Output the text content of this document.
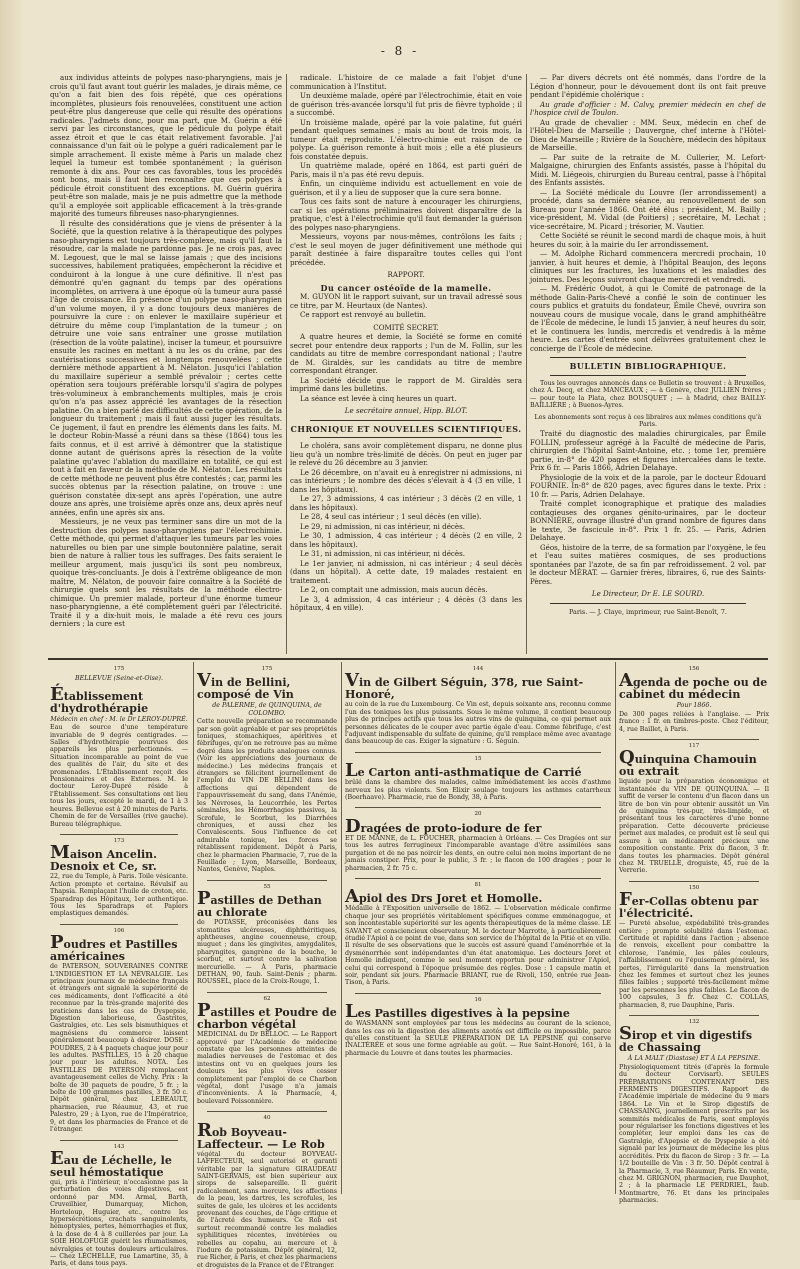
- 8 -

aux individus atteints de polypes naso-pharyngiens, mais je crois qu'il faut avant tout guérir les malades, je dirais même, ce qu'on a fait bien des fois répété, que ces opérations incomplètes, plusieurs fois renouvelées, constituent une action peut-être plus dangereuse que celle qui résulte des opérations radicales. J'admets donc, pour ma part, que M. Guérin a été servi par les circonstances, que le pédicule du polype était assez étroit et que le cas était relativement favorable. J'ai connaissance d'un fait où le polype a guéri radicalement par le simple arrachement. Il existe même à Paris un malade chez lequel la tumeur est tombée spontanément ; la guérison remonte à dix ans. Pour ces cas favorables, tous les procédés sont bons, mais il faut bien reconnaître que ces polypes à pédicule étroit constituent des exceptions. M. Guérin guérira peut-être son malade, mais je ne puis admettre que la méthode qu'il a employée soit applicable efficacement à la très-grande majorité des tumeurs fibreuses naso-pharyngiennes.

Il résulte des considérations que je viens de présenter à la Société, que la question relative à la thérapeutique des polypes naso-pharyngiens est toujours très-complexe, mais qu'il faut la résoudre, car la malade ne pardonne pas. Je ne crois pas, avec M. Legouest, que le mal se laisse jamais ; que des incisions successives, habilement pratiquées, empêcheront la récidive et conduiront à la longue à une cure définitive. Il n'est pas démontré qu'en gagnant du temps par des opérations incomplètes, on arrivera à une époque où la tumeur aura passé l'âge de croissance. En présence d'un polype naso-pharyngien d'un volume moyen, il y a donc toujours deux manières de poursuivre la cure : on enlever le maxillaire supérieur et détruire du même coup l'implantation de la tumeur ; on détruire une voie sans entraîner une grosse mutilation (résection de la voûte palatine), inciser la tumeur, et poursuivre ensuite les racines en mettant à nu les os du crâne, par des cautérisations successives et longtemps renouvelées ; cette dernière méthode appartient à M. Nélaton. Jusqu'ici l'ablation du maxillaire supérieur a semblé prévaloir ; certes cette opération sera toujours préférable lorsqu'il s'agira de polypes très-volumineux à embranchements multiples, mais je crois qu'on n'a pas assez apprécié les avantages de la résection palatine. On a bien parlé des difficultés de cette opération, de la longueur du traitement ; mais il faut aussi juger les résultats. Ce jugement, il faut en prendre les éléments dans les faits. M. le docteur Robin-Massé a réuni dans sa thèse (1864) tous les faits connus, et il est arrivé à démontrer que la statistique donne autant de guérisons après la résection de la voûte palatine qu'avec l'ablation du maxillaire en totalité, ce qui est tout à fait en faveur de la méthode de M. Nélaton. Les résultats de cette méthode ne peuvent plus être contestés ; car, parmi les succès obtenus par la résection palatine, on trouve : une guérison constatée dix-sept ans après l'opération, une autre douze ans après, une troisième après onze ans, deux après neuf années, enfin une après six ans.

Messieurs, je ne veux pas terminer sans dire un mot de la destruction des polypes naso-pharyngiens par l'électrochimie. Cette méthode, qui permet d'attaquer les tumeurs par les voies naturelles ou bien par une simple boutonnière palatine, serait bien de nature à rallier tous les suffrages. Des faits seraient le meilleur argument, mais jusqu'ici ils sont peu nombreux, quoique très-concluants. Je dois à l'extrême obligeance de mon maître, M. Nélaton, de pouvoir faire connaître à la Société de chirurgie quels sont les résultats de la méthode électro-chimique. Un premier malade, porteur d'une énorme tumeur naso-pharyngienne, a été complètement guéri par l'électricité. Traité il y a dix-huit mois, le malade a été revu ces jours derniers ; la cure est

radicale. L'histoire de ce malade a fait l'objet d'une communication à l'Institut.

Un deuxième malade, opéré par l'électrochimie, était en voie de guérison très-avancée lorsqu'il fut pris de fièvre typhoïde ; il a succombé.

Un troisième malade, opéré par la voie palatine, fut guéri pendant quelques semaines ; mais au bout de trois mois, la tumeur était reproduite. L'électro-chimie eut raison de ce polype. La guérison remonte à huit mois ; elle a été plusieurs fois constatée depuis.

Un quatrième malade, opéré en 1864, est parti guéri de Paris, mais il n'a pas été revu depuis.

Enfin, un cinquième individu est actuellement en voie de guérison, et il y a lieu de supposer que la cure sera bonne.

Tous ces faits sont de nature à encourager les chirurgiens, car si les opérations préliminaires doivent disparaître de la pratique, c'est à l'électrochimie qu'il faut demander la guérison des polypes naso-pharyngiens.

Messieurs, voyons par nous-mêmes, contrôlons les faits ; c'est le seul moyen de juger définitivement une méthode qui paraît destinée à faire disparaître toutes celles qui l'ont précédée.

RAPPORT.

Du cancer ostéoïde de la mamelle.

M. GUYON lit le rapport suivant, sur un travail adressé sous ce titre, par M. Heurtaux (de Nantes).

Ce rapport est renvoyé au bulletin.

COMITÉ SECRET.

A quatre heures et demie, la Société se forme en comité secret pour entendre deux rapports ; l'un de M. Follin, sur les candidats au titre de membre correspondant national ; l'autre de M. Giraldès, sur les candidats au titre de membre correspondant étranger.

La Société décide que le rapport de M. Giraldès sera imprimé dans les bulletins.

La séance est levée à cinq heures un quart.

Le secrétaire annuel, Hipp. BLOT.

CHRONIQUE ET NOUVELLES SCIENTIFIQUES.

Le choléra, sans avoir complètement disparu, ne donne plus lieu qu'à un nombre très-limité de décès. On peut en juger par le relevé du 26 décembre au 3 janvier.

Le 26 décembre, on n'avait eu à enregistrer ni admissions, ni cas intérieurs ; le nombre des décès s'élevait à 4 (3 en ville, 1 dans les hôpitaux).

Le 27, 3 admissions, 4 cas intérieur ; 3 décès (2 en ville, 1 dans les hôpitaux).

Le 28, 4 seul cas intérieur ; 1 seul décès (en ville).

Le 29, ni admission, ni cas intérieur, ni décès.

Le 30, 1 admission, 4 cas intérieur ; 4 décès (2 en ville, 2 dans les hôpitaux).

Le 31, ni admission, ni cas intérieur, ni décès.

Le 1er janvier, ni admission, ni cas intérieur ; 4 seul décès (dans un hôpital). A cette date, 19 malades restaient en traitement.

Le 2, on comptait une admission, mais aucun décès.

Le 3, 4 admission, 4 cas intérieur ; 4 décès (3 dans les hôpitaux, 4 en ville).

— Par divers décrets ont été nommés, dans l'ordre de la Légion d'honneur, pour le dévouement dont ils ont fait preuve pendant l'épidémie cholérique :

Au grade d'officier : M. Calvy, premier médecin en chef de l'hospice civil de Toulon.

Au grade de chevalier : MM. Seux, médecin en chef de l'Hôtel-Dieu de Marseille ; Dauvergne, chef interne à l'Hôtel-Dieu de Marseille ; Rivière de la Souchère, médecin des hôpitaux de Marseille.

— Par suite de la retraite de M. Cullerier, M. Lefort-Malgaigne, chirurgien des Enfants assistés, passe à l'hôpital du Midi. M. Liégeois, chirurgien du Bureau central, passe à l'hôpital des Enfants assistés.

— La Société médicale du Louvre (Ier arrondissement) a procédé, dans sa dernière séance, au renouvellement de son Bureau pour l'année 1866. Ont été élus : président, M. Bailly ; vice-président, M. Vidal (de Poitiers) ; secrétaire, M. Lechat ; vice-secrétaire, M. Picard ; trésorier, M. Vautier.

Cette Société se réunit le second mardi de chaque mois, à huit heures du soir, à la mairie du Ier arrondissement.

— M. Adolphe Richard commencera mercredi prochain, 10 janvier, à huit heures et demie, à l'hôpital Beaujon, des leçons cliniques sur les fractures, les luxations et les maladies des jointures. Des leçons suivront chaque mercredi et vendredi.

— M. Frédéric Oudot, à qui le Comité de patronage de la méthode Galin-Paris-Chevé a confié le soin de continuer les cours publics et gratuits du fondateur, Émile Chevé, ouvrira son nouveau cours de musique vocale, dans le grand amphithéâtre de l'École de médecine, le lundi 15 janvier, à neuf heures du soir, et le continuera les lundis, mercredis et vendredis à la même heure. Les cartes d'entrée sont délivrées gratuitement chez le concierge de l'École de médecine.

BULLETIN BIBLIOGRAPHIQUE.

Tous les ouvrages annoncés dans ce Bulletin se trouvent : à Bruxelles, chez A. Decq, et chez MANCEAUX ; — à Genève, chez JULLIEN frères ; — pour toute la Plata, chez BOUSQUET ; — à Madrid, chez BAILLY-BAILLIÈRE ; à Buenos-Ayres.

Les abonnements sont reçus à ces libraires aux mêmes conditions qu'à Paris.

Traité du diagnostic des maladies chirurgicales, par Émile FOLLIN, professeur agrégé à la Faculté de médecine de Paris, chirurgien de l'hôpital Saint-Antoine, etc. ; tome 1er, première partie, in-8° de 420 pages et figures intercalées dans le texte. Prix 6 fr. — Paris 1866, Adrien Delahaye.

Physiologie de la voix et de la parole, par le docteur Édouard FOURNIE. In-8° de 820 pages, avec figures dans le texte. Prix : 10 fr. — Paris, Adrien Delahaye.

Traité complet iconographique et pratique des maladies contagieuses des organes génito-urinaires, par le docteur BONNIÈRE, ouvrage illustré d'un grand nombre de figures dans le texte, 3e fascicule in-8°. Prix 1 fr. 25. — Paris, Adrien Delahaye.

Géos, histoire de la terre, de sa formation par l'oxygène, le feu et l'eau suites matières cosmiques, de ses productions spontanées par l'azote, de sa fin par refroidissement. 2 vol. par le docteur MÉRAT. — Garnier frères, libraires, 6, rue des Saints-Pères.

Le Directeur, Dr E. LE SOURD.

Paris. — J. Claye, imprimeur, rue Saint-Benoît, 7.

175
BELLEVUE (Seine-et-Oise).
Établissement d'hydrothérapie
Médecin en chef : M. le Dr LEROY-DUPRÉ.
Eau de source d'une température invariable de 9 degrés centigrades. — Salles d'hydrothérapie pourvues des appareils les plus perfectionnés. — Situation incomparable au point de vue des qualités de l'air, du site et des promenades. L'Établissement reçoit des Pensionnaires et des Externes. M. le docteur Leroy-Dupré réside à l'Établissement. Ses consultations ont lieu tous les jours, excepté le mardi, de 1 à 3 heures. Bellevue est à 20 minutes de Paris. Chemin de fer de Versailles (rive gauche). Bureau télégraphique.
173
Maison Ancelin. Desnoix et Ce, sr.
22, rue du Temple, à Paris. Toile vésicante. Action prompte et certaine. Révulsif au Thapsia. Remplaçant l'huile de croton, etc. Sparadrap des Hôpitaux, 1er authentique. Tous les Sparadraps et Papiers emplastiques demandés.
106
Poudres et Pastilles américaines
de PATERSON, SOUVERAINES CONTRE L'INDIGESTION ET LA NÉVRALGIE. Les principaux journaux de médecine français et étrangers ont signalé la supériorité de ces médicaments, dont l'efficacité a été reconnue par la très-grande majorité des praticiens dans les cas de Dyspepsie, Digestion laborieuse, Gastrites, Gastralgies, etc. Les sels bismuthiques et magnésiens du commerce laissent généralement beaucoup à désirer. DOSE : POUDRES, 2 à 4 paquets chaque jour pour les adultes. PASTILLES, 15 à 20 chaque jour pour les adultes. NOTA. Les PASTILLES DE PATERSON remplacent avantageusement celles de Vichy. Prix : la boîte de 30 paquets de poudre, 5 fr. ; la boîte de 100 grammes pastilles, 3 fr. 50 c. Dépôt général, chez LEBEAULT, pharmacien, rue Réaumur, 43, et rue Palestro, 29 ; à Lyon, rue de l'Impératrice, 9, et dans les pharmacies de France et de l'étranger.
143
Eau de Léchelle, le seul hémostatique
qui, pris à l'intérieur, n'occasionne pas la perturbation des voies digestives, est ordonné par MM. Armal, Barth, Cruveilhier, Dumarquay, Michon, Horteloup, Huguier, etc., contre les hypersécrétions, crachats sanguinolents, hémoptysies, pertes, hémorrhagies et flux, à la dose de 4 à 8 cuillerées par jour. La SOIE HOLOFUGE guérit les rhumatismes, névralgies et toutes douleurs articulaires. — Chez LÉCHELLE, rue Lamartine, 35, à Paris, et dans tous pays.
175
Vin de Bellini, composé de Vin
de PALERME, de QUINQUINA, de COLOMBO.
Cette nouvelle préparation se recommande par son goût agréable et par ses propriétés toniques, stomachiques, apéritives et fébrifuges, qu'on ne retrouve pas au même degré dans les produits analogues connus. (Voir les appréciations des journaux de médecine.) Les médecins français et étrangers se félicitent journellement de l'emploi du VIN DE BELLINI dans les affections qui dépendent de l'appauvrissement du sang, dans l'Anémie, les Névroses, la Leucorrhée, les Pertes séminales, les Hémorrhagies passives, la Scrofule, le Scorbut, les Diarrhées chroniques, et aussi chez les Convalescents. Sous l'influence de cet admirable tonique, les forces se rétablissent rapidement. Dépôt à Paris, chez le pharmacien Pharmacie, 7, rue de la Feuillade ; Lyon, Marseille, Bordeaux, Nantes, Genève, Naples.
55
Pastilles de Dethan au chlorate
de POTASSE, préconisées dans les stomatites ulcéreuses, diphthéritiques, aphtheuses, angine couenneuse, croup, muguet ; dans les gingivites, amygdalites, pharyngites, gangrène de la bouche, le scorbut, et surtout contre la salivation mercurielle. — À Paris, pharmacie DETHAN, 90, faub. Saint-Denis ; pharm. ROUSSEL, place de la Croix-Rouge, 1.
62
Pastilles et Poudre de charbon végétal
MÉDICINAL du Dr BELLOC. — Le Rapport approuvé par l'Académie de médecine constate que les personnes atteintes de maladies nerveuses de l'estomac et des intestins ont vu en quelques jours les douleurs les plus vives cesser complètement par l'emploi de ce Charbon végétal, dont l'usage n'a jamais d'inconvénients. À la Pharmacie, 4, boulevard Poissonnière.
40
Rob Boyveau-Laffecteur. — Le Rob
végétal du docteur BOYVEAU-LAFFECTEUR, seul autorisé et garanti véritable par la signature GIRAUDEAU SAINT-GERVAIS, est bien supérieur aux sirops de salsepareille. Il guérit radicalement, sans mercure, les affections de la peau, les dartres, les scrofules, les suites de gale, les ulcères et les accidents provenant des couches, de l'âge critique et de l'âcreté des humeurs. Ce Rob est surtout recommandé contre les maladies syphilitiques récentes, invétérées ou rebelles au copahu, au mercure et à l'iodure de potassium. Dépôt général, 12, rue Richer, à Paris, et chez les pharmaciens et droguistes de la France et de l'Étranger.
144
Vin de Gilbert Séguin, 378, rue Saint-Honoré,
au coin de la rue du Luxembourg. Ce Vin est, depuis soixante ans, reconnu comme l'un des toniques les plus puissants. Sous le même volume, il contient beaucoup plus de principes actifs que tous les autres vins de quinquina, ce qui permet aux personnes délicates de le couper avec partie égale d'eau. Comme fébrifuge, c'est l'adjuvant indispensable du sulfate de quinine, qu'il remplace même avec avantage dans beaucoup de cas. Exiger la signature : G. Séguin.
15
Le Carton anti-asthmatique de Carrié
brûlé dans la chambre des malades, calme immédiatement les accès d'asthme nerveux les plus violents. Son Elixir soulage toujours les asthmes catarrheux (Boerhaave). Pharmacie, rue de Bondy, 38, à Paris.
20
Dragées de proto-iodure de fer
ET DE MANNE, de L. FOUCHER, pharmacien à Orléans. — Ces Dragées ont sur tous les autres ferrugineux l'incomparable avantage d'être assimilées sans purgation et de ne pas noircir les dents, en outre celui non moins important de ne jamais constiper. Prix, pour le public, 3 fr. ; le flacon de 100 dragées ; pour le pharmacien, 2 fr. 75 c.
81
Apiol des Drs Joret et Homolle.
Médaille à l'Exposition universelle de 1862. — L'observation médicale confirme chaque jour ses propriétés véritablement spécifiques comme emménagogue, et son incontestable supériorité sur les agents thérapeutiques de la même classe. LE SAVANT et consciencieux observateur, M. le docteur Marrotte, à particulièrement étudié l'Apiol à ce point de vue, dans son service de l'hôpital de la Pitié et en ville. Il résulte de ses observations que le succès est assuré quand l'aménorrhée et la dysménorrhée sont indépendantes d'un état anatomique. Les docteurs Joret et Homolle indiquent, comme le seul moment opportun pour administrer l'Apiol, celui qui correspond à l'époque présumée des règles. Dose : 1 capsule matin et soir, pendant six jours. Pharmacie BRIANT, rue de Rivoli, 150, entrée rue Jean-Tison, à Paris.
16
Les Pastilles digestives à la pepsine
de WASMANN sont employées par tous les médecins au courant de la science, dans les cas où la digestion des aliments azotés est difficile ou impossible, parce qu'elles constituent la SEULE PRÉPARATION DE LA PEPSINE qui conserve INALTÉRÉE et sous une forme agréable au goût. — Rue Saint-Honoré, 161, à la pharmacie du Louvre et dans toutes les pharmacies.
156
Agenda de poche ou de cabinet du médecin
Pour 1866.
De 300 pages reliées à l'anglaise. — Prix franco : 1 fr. en timbres-poste. Chez l'éditeur, 4, rue Baillet, à Paris.
117
Quinquina Chamouin ou extrait
liquide pour la préparation économique et instantanée du VIN DE QUINQUINA. — Il suffit de verser le contenu d'un flacon dans un litre de bon vin pour obtenir aussitôt un Vin de quinquina très-pur, très-limpide, et présentant tous les caractères d'une bonne préparation. Cette découverte précieuse permet aux malades, ce produit est le seul qui assure à un médicament précieux une composition constante. Prix du flacon, 3 fr. dans toutes les pharmacies. Dépôt général chez M. TRUELLE, droguiste, 45, rue de la Verrerie.
150
Fer-Collas obtenu par l'électricité.
— Pureté absolue, expédabilité très-grandes entière ; prompte solubilité dans l'estomac. Certitude et rapidité dans l'action ; absence de renvois, excellent pour combattre la chlorose, l'anémie, les pâles couleurs, l'affaiblissement ou l'épuisement général, les pertes, l'irrégularité dans la menstruation chez les femmes et surtout chez les jeunes filles faibles ; supporté très-facilement même par les personnes les plus faibles. Le flacon de 100 capsules, 3 fr. Chez C. COLLAS, pharmacien, 8, rue Dauphine, Paris.
132
Sirop et vin digestifs de Chassaing
À LA MALT (Diastase) ET À LA PEPSINE.
Physiologiquement titrés (d'après la formule du docteur Corvisart). SEULES PRÉPARATIONS CONTENANT DES FERMENTS DIGESTIFS. Rapport de l'Académie impériale de médecine du 9 mars 1864. Le Vin et le Sirop digestifs de CHASSAING, journellement prescrits par les sommités médicales de Paris, sont employés pour régulariser les fonctions digestives et les compléter, leur emploi dans les cas de Gastralgie, d'Apepsie et de Dyspepsie a été signalé par les journaux de médecine les plus accrédités. Prix du flacon de Sirop : 3 fr. — La 1/2 bouteille de Vin : 3 fr. 50. Dépôt central à la Pharmacie, 3, rue Réaumur, Paris. En vente, chez M. GRIGNON, pharmacien, rue Dauphot, 2 ; à la pharmacie LE PERDRIEL, faub. Montmartre, 76. Et dans les principales pharmacies.
